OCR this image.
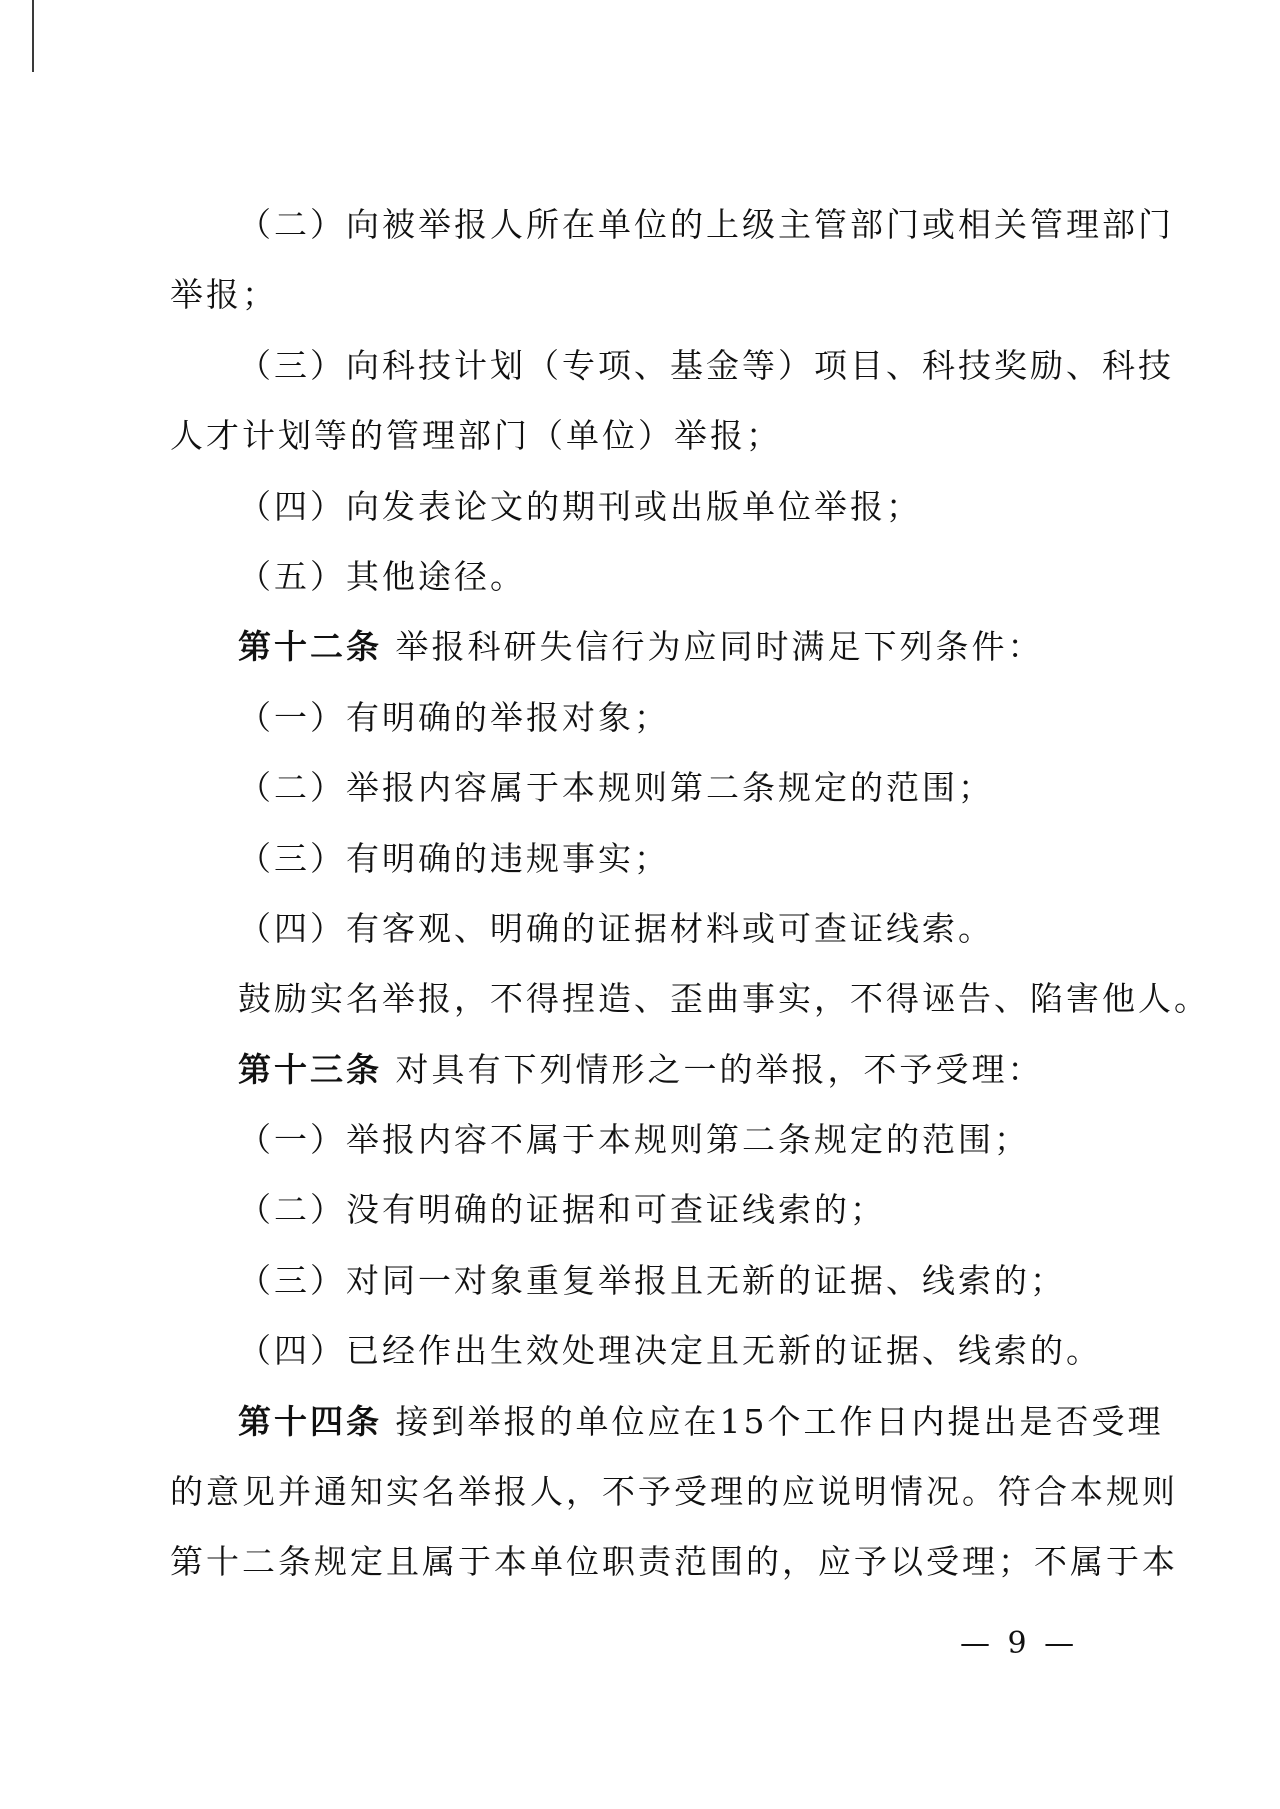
（二）向被举报人所在单位的上级主管部门或相关管理部门
举报；
（三）向科技计划（专项、基金等）项目、科技奖励、科技
人才计划等的管理部门（单位）举报；
（四）向发表论文的期刊或出版单位举报；
（五）其他途径。
第十二条 举报科研失信行为应同时满足下列条件：
（一）有明确的举报对象；
（二）举报内容属于本规则第二条规定的范围；
（三）有明确的违规事实；
（四）有客观、明确的证据材料或可查证线索。
鼓励实名举报，不得捏造、歪曲事实，不得诬告、陷害他人。
第十三条 对具有下列情形之一的举报，不予受理：
（一）举报内容不属于本规则第二条规定的范围；
（二）没有明确的证据和可查证线索的；
（三）对同一对象重复举报且无新的证据、线索的；
（四）已经作出生效处理决定且无新的证据、线索的。
第十四条 接到举报的单位应在15个工作日内提出是否受理
的意见并通知实名举报人，不予受理的应说明情况。符合本规则
第十二条规定且属于本单位职责范围的，应予以受理；不属于本
— 9 —
